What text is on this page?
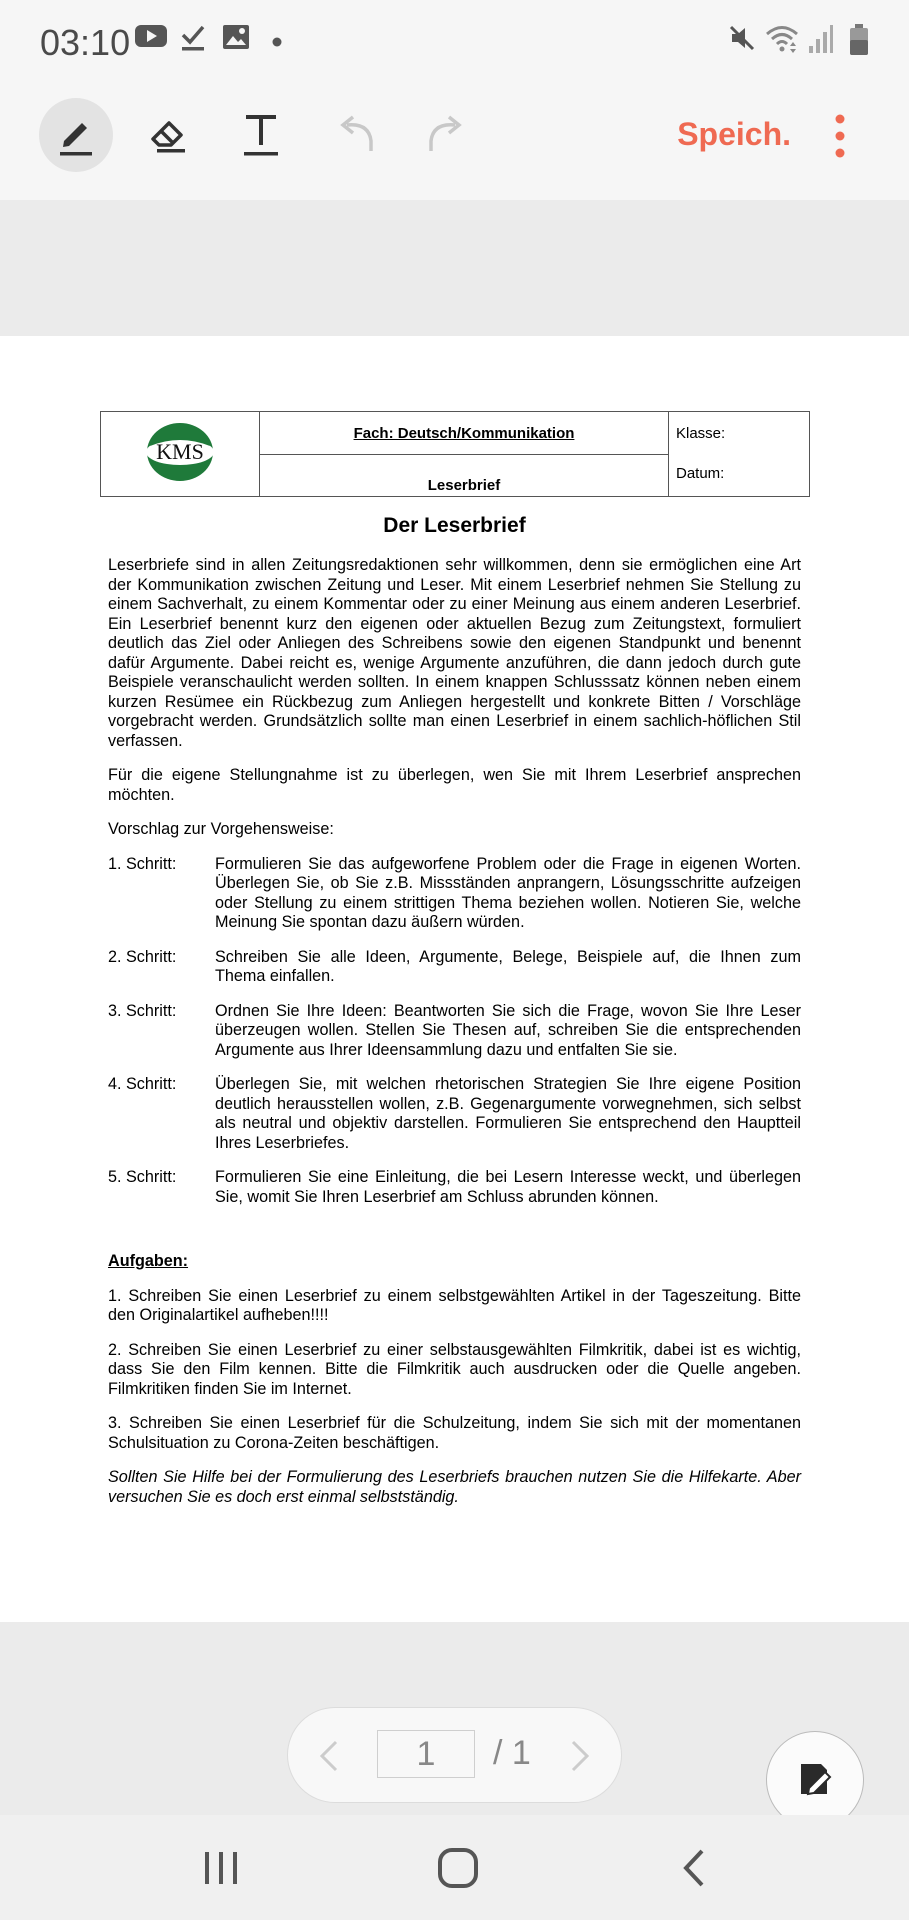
03:10
Speich.
KMS
	Fach: Deutsch/Kommunikation	Klasse:
Datum:

Leserbrief
Der Leserbrief

Leserbriefe sind in allen Zeitungsredaktionen sehr willkommen, denn sie ermöglichen eine Art der Kommunikation zwischen Zeitung und Leser. Mit einem Leserbrief nehmen Sie Stellung zu einem Sachverhalt, zu einem Kommentar oder zu einer Meinung aus einem anderen Leserbrief. Ein Leserbrief benennt kurz den eigenen oder aktuellen Bezug zum Zeitungstext, formuliert deutlich das Ziel oder Anliegen des Schreibens sowie den eigenen Standpunkt und benennt dafür Argumente. Dabei reicht es, wenige Argumente anzuführen, die dann jedoch durch gute Beispiele veranschaulicht werden sollten. In einem knappen Schlusssatz können neben einem kurzen Resümee ein Rückbezug zum Anliegen hergestellt und konkrete Bitten / Vorschläge vorgebracht werden. Grundsätzlich sollte man einen Leserbrief in einem sachlich-höflichen Stil verfassen.

Für die eigene Stellungnahme ist zu überlegen, wen Sie mit Ihrem Leserbrief ansprechen möchten.

Vorschlag zur Vorgehensweise:

1. Schritt:	Formulieren Sie das aufgeworfene Problem oder die Frage in eigenen Worten. Überlegen Sie, ob Sie z.B. Missständen anprangern, Lösungsschritte aufzeigen oder Stellung zu einem strittigen Thema beziehen wollen. Notieren Sie, welche Meinung Sie spontan dazu äußern würden.
2. Schritt:	Schreiben Sie alle Ideen, Argumente, Belege, Beispiele auf, die Ihnen zum Thema einfallen.
3. Schritt:	Ordnen Sie Ihre Ideen: Beantworten Sie sich die Frage, wovon Sie Ihre Leser überzeugen wollen. Stellen Sie Thesen auf, schreiben Sie die entsprechenden Argumente aus Ihrer Ideensammlung dazu und entfalten Sie sie.
4. Schritt:	Überlegen Sie, mit welchen rhetorischen Strategien Sie Ihre eigene Position deutlich herausstellen wollen, z.B. Gegenargumente vorwegnehmen, sich selbst als neutral und objektiv darstellen. Formulieren Sie entsprechend den Hauptteil Ihres Leserbriefes.
5. Schritt:	Formulieren Sie eine Einleitung, die bei Lesern Interesse weckt, und überlegen Sie, womit Sie Ihren Leserbrief am Schluss abrunden können.

Aufgaben:

1. Schreiben Sie einen Leserbrief zu einem selbstgewählten Artikel in der Tageszeitung. Bitte den Originalartikel aufheben!!!!

2. Schreiben Sie einen Leserbrief zu einer selbstausgewählten Filmkritik, dabei ist es wichtig, dass Sie den Film kennen. Bitte die Filmkritik auch ausdrucken oder die Quelle angeben. Filmkritiken finden Sie im Internet.

3. Schreiben Sie einen Leserbrief für die Schulzeitung, indem Sie sich mit der momentanen Schulsituation zu Corona-Zeiten beschäftigen.

Sollten Sie Hilfe bei der Formulierung des Leserbriefs brauchen nutzen Sie die Hilfekarte. Aber versuchen Sie es doch erst einmal selbstständig.

1	/ 1
